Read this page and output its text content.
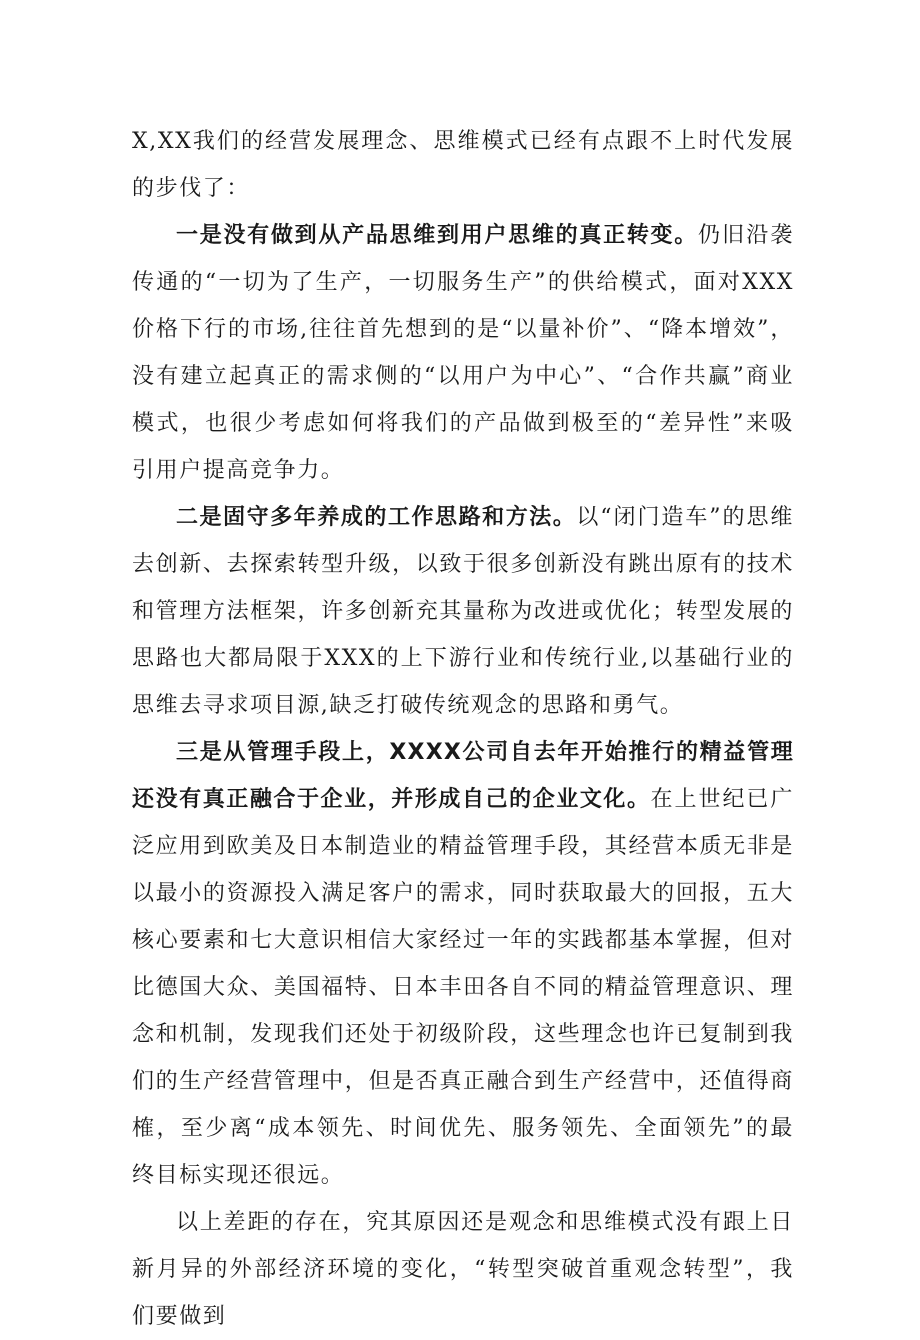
X,XX我们的经营发展理念、思维模式已经有点跟不上时代发展的步伐了：

一是没有做到从产品思维到用户思维的真正转变。仍旧沿袭传通的“一切为了生产，一切服务生产”的供给模式，面对XXX价格下行的市场,往往首先想到的是“以量补价”、“降本增效”，没有建立起真正的需求侧的“以用户为中心”、“合作共赢”商业模式，也很少考虑如何将我们的产品做到极至的“差异性”来吸引用户提高竞争力。

二是固守多年养成的工作思路和方法。以“闭门造车”的思维去创新、去探索转型升级，以致于很多创新没有跳出原有的技术和管理方法框架，许多创新充其量称为改进或优化；转型发展的思路也大都局限于XXX的上下游行业和传统行业,以基础行业的思维去寻求项目源,缺乏打破传统观念的思路和勇气。

三是从管理手段上，XXXX公司自去年开始推行的精益管理还没有真正融合于企业，并形成自己的企业文化。在上世纪已广泛应用到欧美及日本制造业的精益管理手段，其经营本质无非是以最小的资源投入满足客户的需求，同时获取最大的回报，五大核心要素和七大意识相信大家经过一年的实践都基本掌握，但对比德国大众、美国福特、日本丰田各自不同的精益管理意识、理念和机制，发现我们还处于初级阶段，这些理念也许已复制到我们的生产经营管理中，但是否真正融合到生产经营中，还值得商榷，至少离“成本领先、时间优先、服务领先、全面领先”的最终目标实现还很远。

以上差距的存在，究其原因还是观念和思维模式没有跟上日新月异的外部经济环境的变化，“转型突破首重观念转型”，我们要做到
